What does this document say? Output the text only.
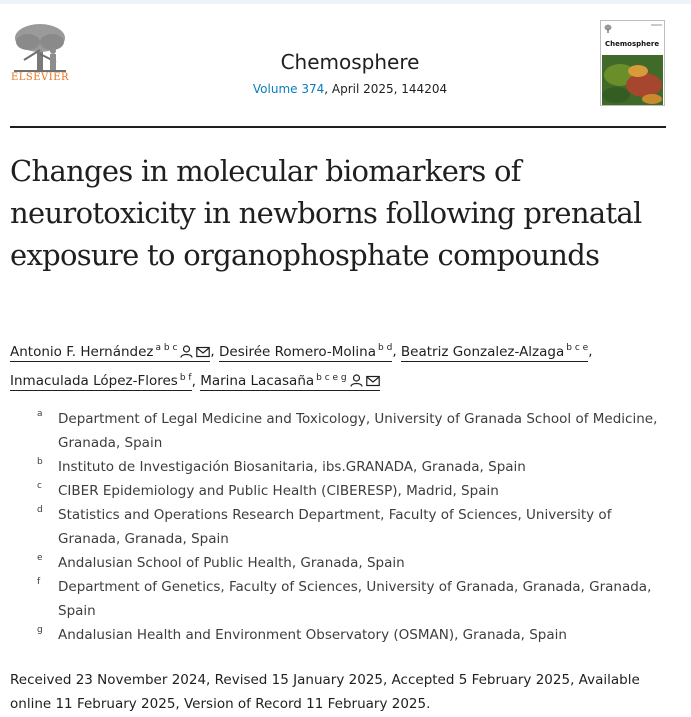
ELSEVIER
Chemosphere
Volume 374, April 2025, 144204
Chemosphere
Changes in molecular biomarkers of neurotoxicity in newborns following prenatal exposure to organophosphate compounds
Antonio F. Hernández $^{a b c}$ , Desirée Romero-Molina $^{b d}$, Beatriz Gonzalez-Alzaga $^{b c e}$, Inmaculada López-Flores $^{b f}$, Marina Lacasaña $^{b c e g}$
a	Department of Legal Medicine and Toxicology, University of Granada School of Medicine, Granada, Spain
b	Instituto de Investigación Biosanitaria, ibs.GRANADA, Granada, Spain
c	CIBER Epidemiology and Public Health (CIBERESP), Madrid, Spain
d	Statistics and Operations Research Department, Faculty of Sciences, University of Granada, Granada, Spain
e	Andalusian School of Public Health, Granada, Spain
f	Department of Genetics, Faculty of Sciences, University of Granada, Granada, Granada, Spain
g	Andalusian Health and Environment Observatory (OSMAN), Granada, Spain
Received 23 November 2024, Revised 15 January 2025, Accepted 5 February 2025, Available online 11 February 2025, Version of Record 11 February 2025.
